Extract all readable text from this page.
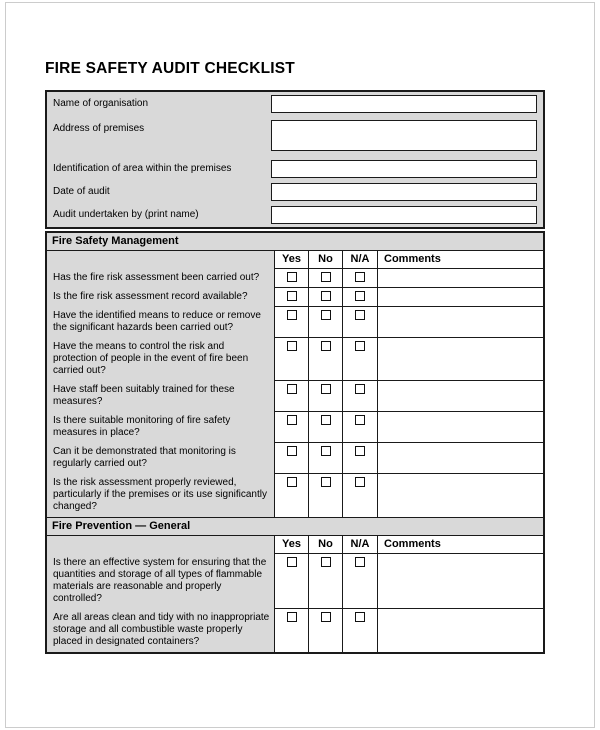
FIRE SAFETY AUDIT CHECKLIST
Name of organisation
Address of premises
Identification of area within the premises
Date of audit
Audit undertaken by (print name)
Fire Safety Management
Yes	No	N/A	Comments
Has the fire risk assessment been carried out?
Is the fire risk assessment record available?
Have the identified means to reduce or remove the significant hazards been carried out?
Have the means to control the risk and protection of people in the event of fire been carried out?
Have staff been suitably trained for these measures?
Is there suitable monitoring of fire safety measures in place?
Can it be demonstrated that monitoring is regularly carried out?
Is the risk assessment properly reviewed, particularly if the premises or its use significantly changed?
Fire Prevention — General
Yes	No	N/A	Comments
Is there an effective system for ensuring that the quantities and storage of all types of flammable materials are reasonable and properly controlled?
Are all areas clean and tidy with no inappropriate storage and all combustible waste properly placed in designated containers?
